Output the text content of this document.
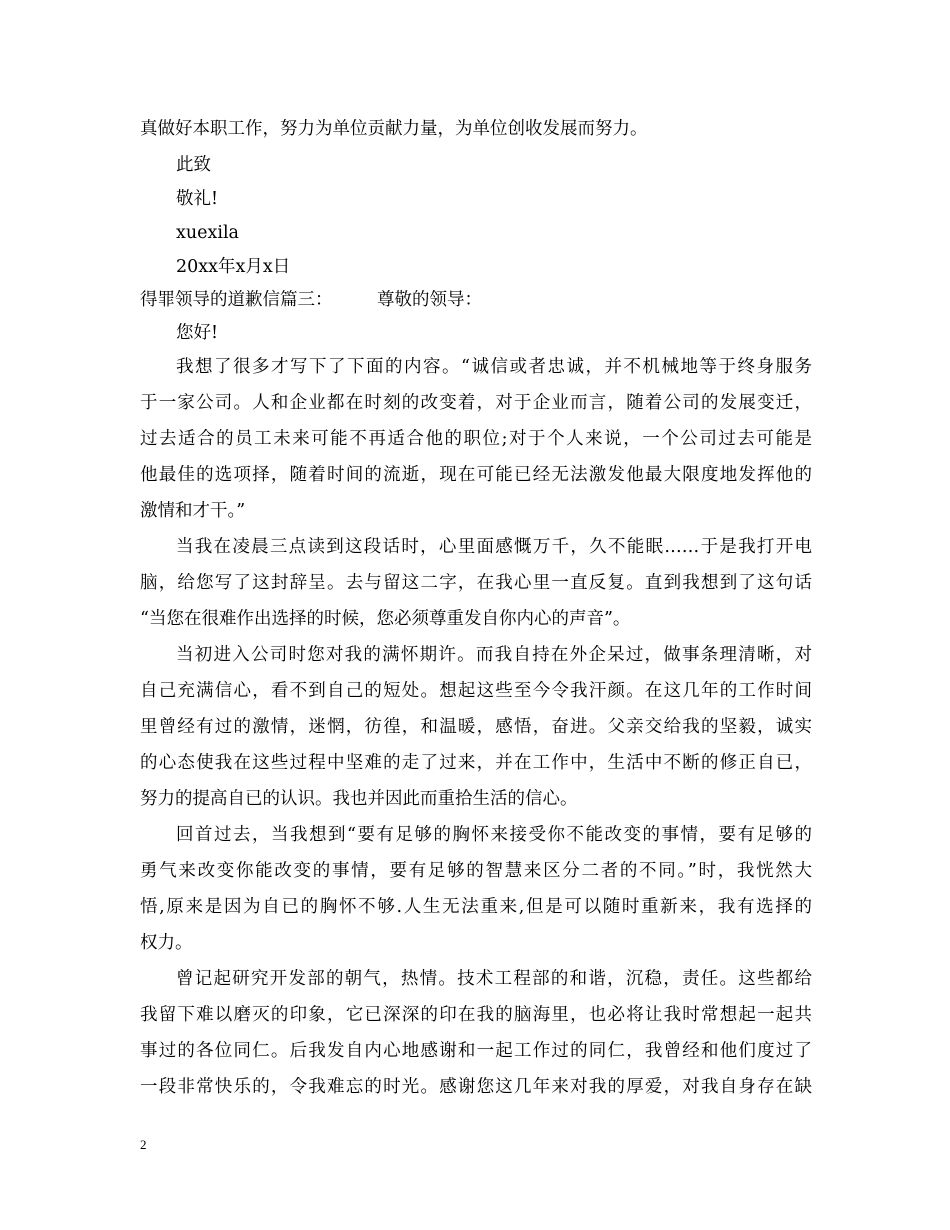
真做好本职工作，努力为单位贡献力量，为单位创收发展而努力。
此致
敬礼!
xuexila
20xx年x月x日
得罪领导的道歉信篇三：        尊敬的领导：
您好!
我想了很多才写下了下面的内容。“诚信或者忠诚，并不机械地等于终身服务
于一家公司。人和企业都在时刻的改变着，对于企业而言，随着公司的发展变迁，
过去适合的员工未来可能不再适合他的职位;对于个人来说，一个公司过去可能是
他最佳的选项择，随着时间的流逝，现在可能已经无法激发他最大限度地发挥他的
激情和才干。”
当我在凌晨三点读到这段话时，心里面感慨万千，久不能眠……于是我打开电
脑，给您写了这封辞呈。去与留这二字，在我心里一直反复。直到我想到了这句话
“当您在很难作出选择的时候，您必须尊重发自你内心的声音”。
当初进入公司时您对我的满怀期许。而我自持在外企呆过，做事条理清晰，对
自己充满信心，看不到自己的短处。想起这些至今令我汗颜。在这几年的工作时间
里曾经有过的激情，迷惘，彷徨，和温暖，感悟，奋进。父亲交给我的坚毅，诚实
的心态使我在这些过程中坚难的走了过来，并在工作中，生活中不断的修正自已，
努力的提高自已的认识。我也并因此而重拾生活的信心。
回首过去，当我想到“要有足够的胸怀来接受你不能改变的事情，要有足够的
勇气来改变你能改变的事情，要有足够的智慧来区分二者的不同。”时，我恍然大
悟,原来是因为自已的胸怀不够.人生无法重来,但是可以随时重新来，我有选择的
权力。
曾记起研究开发部的朝气，热情。技术工程部的和谐，沉稳，责任。这些都给
我留下难以磨灭的印象，它已深深的印在我的脑海里，也必将让我时常想起一起共
事过的各位同仁。后我发自内心地感谢和一起工作过的同仁，我曾经和他们度过了
一段非常快乐的，令我难忘的时光。感谢您这几年来对我的厚爱，对我自身存在缺
2
